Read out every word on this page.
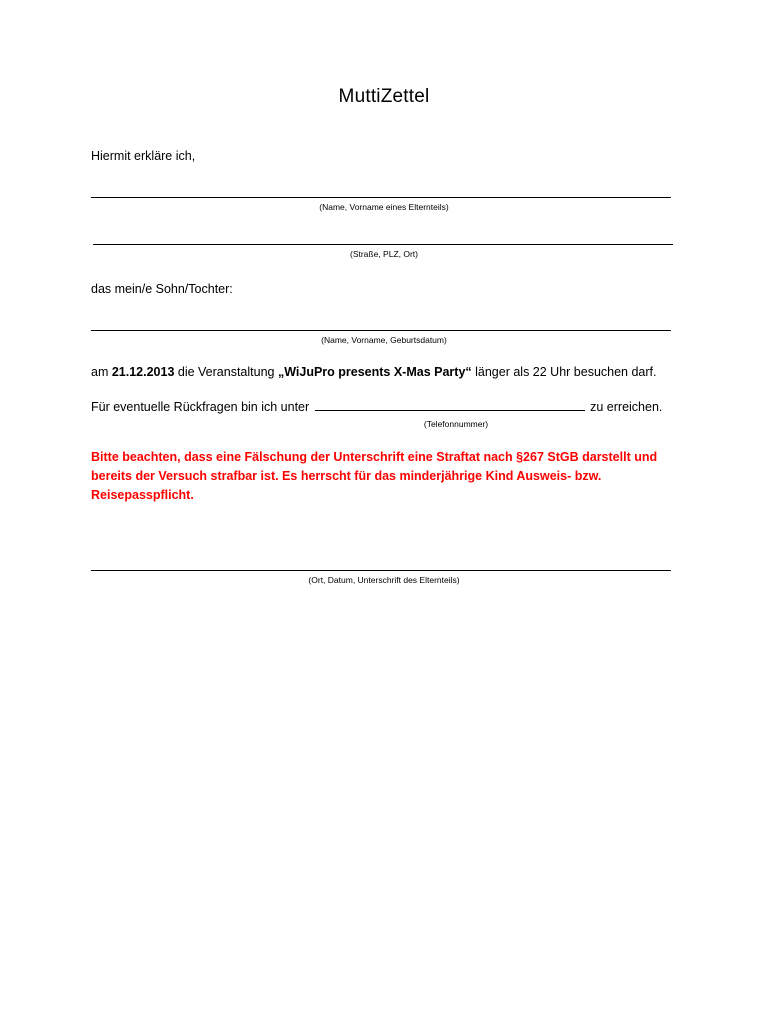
MuttiZettel
Hiermit erkläre ich,
(Name, Vorname eines Elternteils)
(Straße, PLZ, Ort)
das mein/e Sohn/Tochter:
(Name, Vorname, Geburtsdatum)
am 21.12.2013 die Veranstaltung „WiJuPro presents X-Mas Party“ länger als 22 Uhr besuchen darf.
Für eventuelle Rückfragen bin ich unter	zu erreichen.
(Telefonnummer)
Bitte beachten, dass eine Fälschung der Unterschrift eine Straftat nach §267 StGB darstellt und bereits der Versuch strafbar ist. Es herrscht für das minderjährige Kind Ausweis- bzw. Reisepasspflicht.
(Ort, Datum, Unterschrift des Elternteils)
